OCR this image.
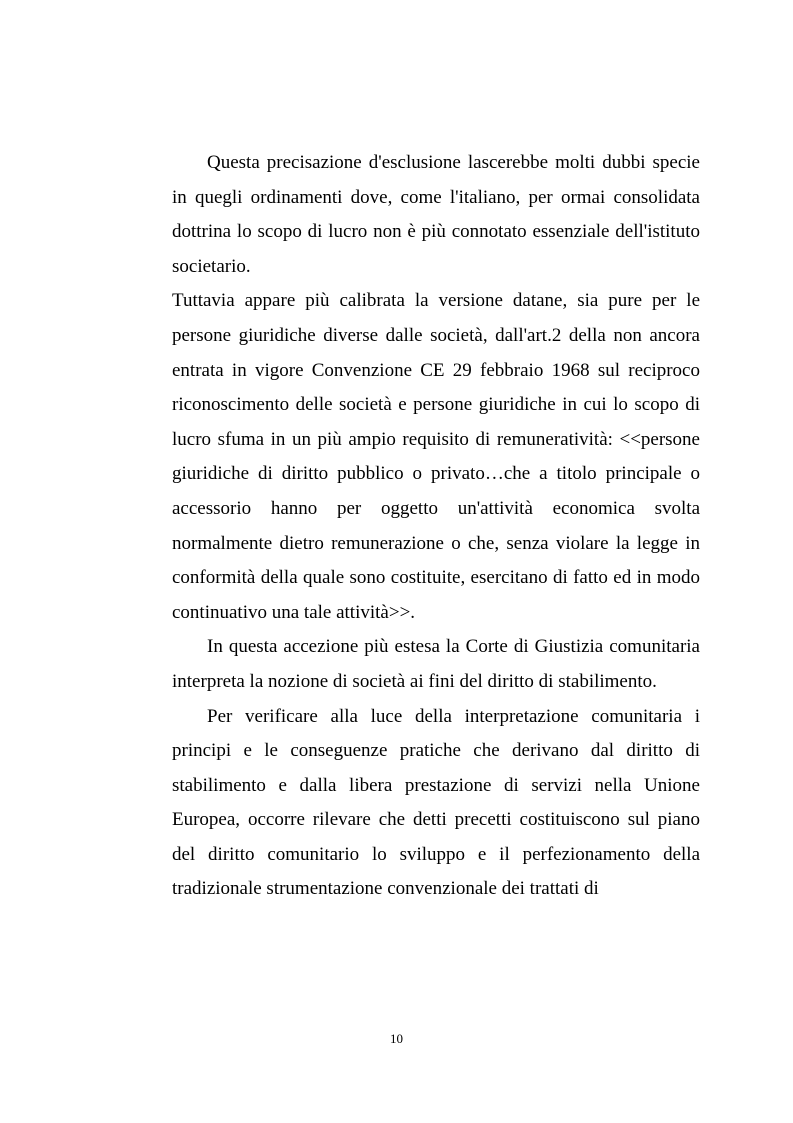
Questa precisazione d'esclusione lascerebbe molti dubbi specie in quegli ordinamenti dove, come l'italiano, per ormai consolidata dottrina lo scopo di lucro non è più connotato essenziale dell'istituto societario.

Tuttavia appare più calibrata la versione datane, sia pure per le persone giuridiche diverse dalle società, dall'art.2 della non ancora entrata in vigore Convenzione CE 29 febbraio 1968 sul reciproco riconoscimento delle società e persone giuridiche in cui lo scopo di lucro sfuma in un più ampio requisito di remuneratività: <<persone giuridiche di diritto pubblico o privato…che a titolo principale o accessorio hanno per oggetto un'attività economica svolta normalmente dietro remunerazione o che, senza violare la legge in conformità della quale sono costituite, esercitano di fatto ed in modo continuativo una tale attività>>.

In questa accezione più estesa la Corte di Giustizia comunitaria interpreta la nozione di società ai fini del diritto di stabilimento.

Per verificare alla luce della interpretazione comunitaria i principi e le conseguenze pratiche che derivano dal diritto di stabilimento e dalla libera prestazione di servizi nella Unione Europea, occorre rilevare che detti precetti costituiscono sul piano del diritto comunitario lo sviluppo e il perfezionamento della tradizionale strumentazione convenzionale dei trattati di

10
